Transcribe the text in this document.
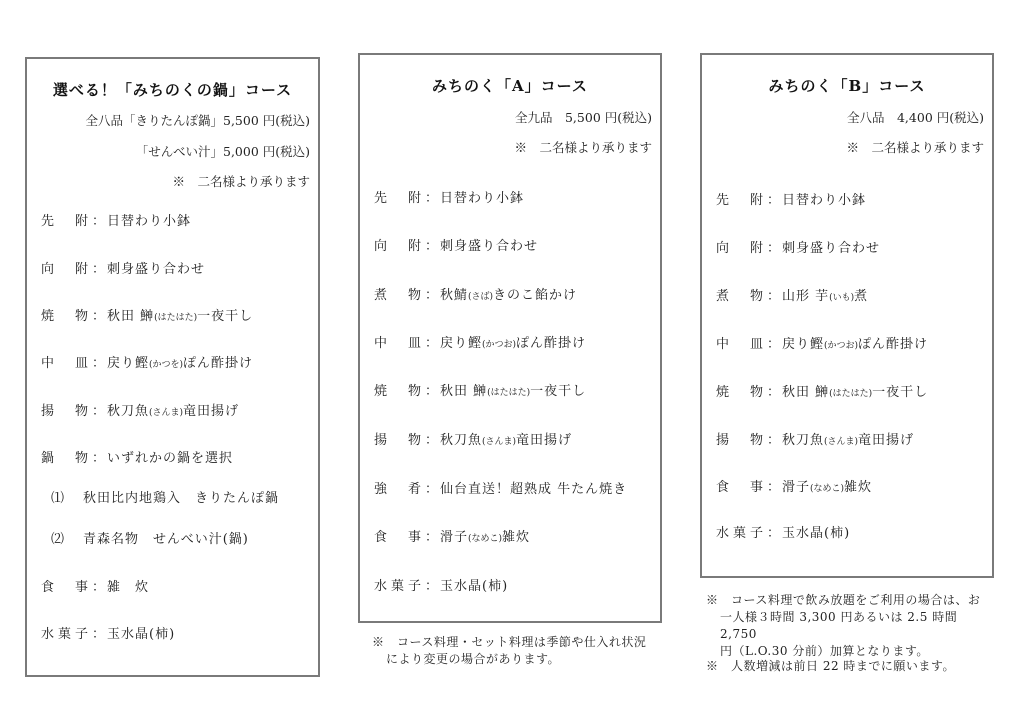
選べる！「みちのくの鍋」コース
全八品「きりたんぽ鍋」5,500 円(税込)
「せんべい汁」5,000 円(税込)
※　二名様より承ります
先　附：日替わり小鉢
向　附：刺身盛り合わせ
焼　物：秋田 鰰(はたはた)一夜干し
中　皿：戻り鰹(かつを)ぽん酢掛け
揚　物：秋刀魚(さんま)竜田揚げ
鍋　物：いずれかの鍋を選択
⑴ 秋田比内地鶏入　きりたんぽ鍋
⑵ 青森名物　せんべい汁(鍋)
食　事：雑　炊
水菓子：玉水晶(柿)
みちのく「A」コース
全九品　5,500 円(税込)
※　二名様より承ります
先　附：日替わり小鉢
向　附：刺身盛り合わせ
煮　物：秋鯖(さば)きのこ餡かけ
中　皿：戻り鰹(かつお)ぽん酢掛け
焼　物：秋田 鰰(はたはた)一夜干し
揚　物：秋刀魚(さんま)竜田揚げ
強　肴：仙台直送！超熟成 牛たん焼き
食　事：滑子(なめこ)雑炊
水菓子：玉水晶(柿)
※　コース料理・セット料理は季節や仕入れ状況
により変更の場合があります。
みちのく「B」コース
全八品　4,400 円(税込)
※　二名様より承ります
先　附：日替わり小鉢
向　附：刺身盛り合わせ
煮　物：山形 芋(いも)煮
中　皿：戻り鰹(かつお)ぽん酢掛け
焼　物：秋田 鰰(はたはた)一夜干し
揚　物：秋刀魚(さんま)竜田揚げ
食　事：滑子(なめこ)雑炊
水菓子：玉水晶(柿)
※　コース料理で飲み放題をご利用の場合は、お
一人様３時間 3,300 円あるいは 2.5 時間 2,750
円（L.O.30 分前）加算となります。
※　人数増減は前日 22 時までに願います。
